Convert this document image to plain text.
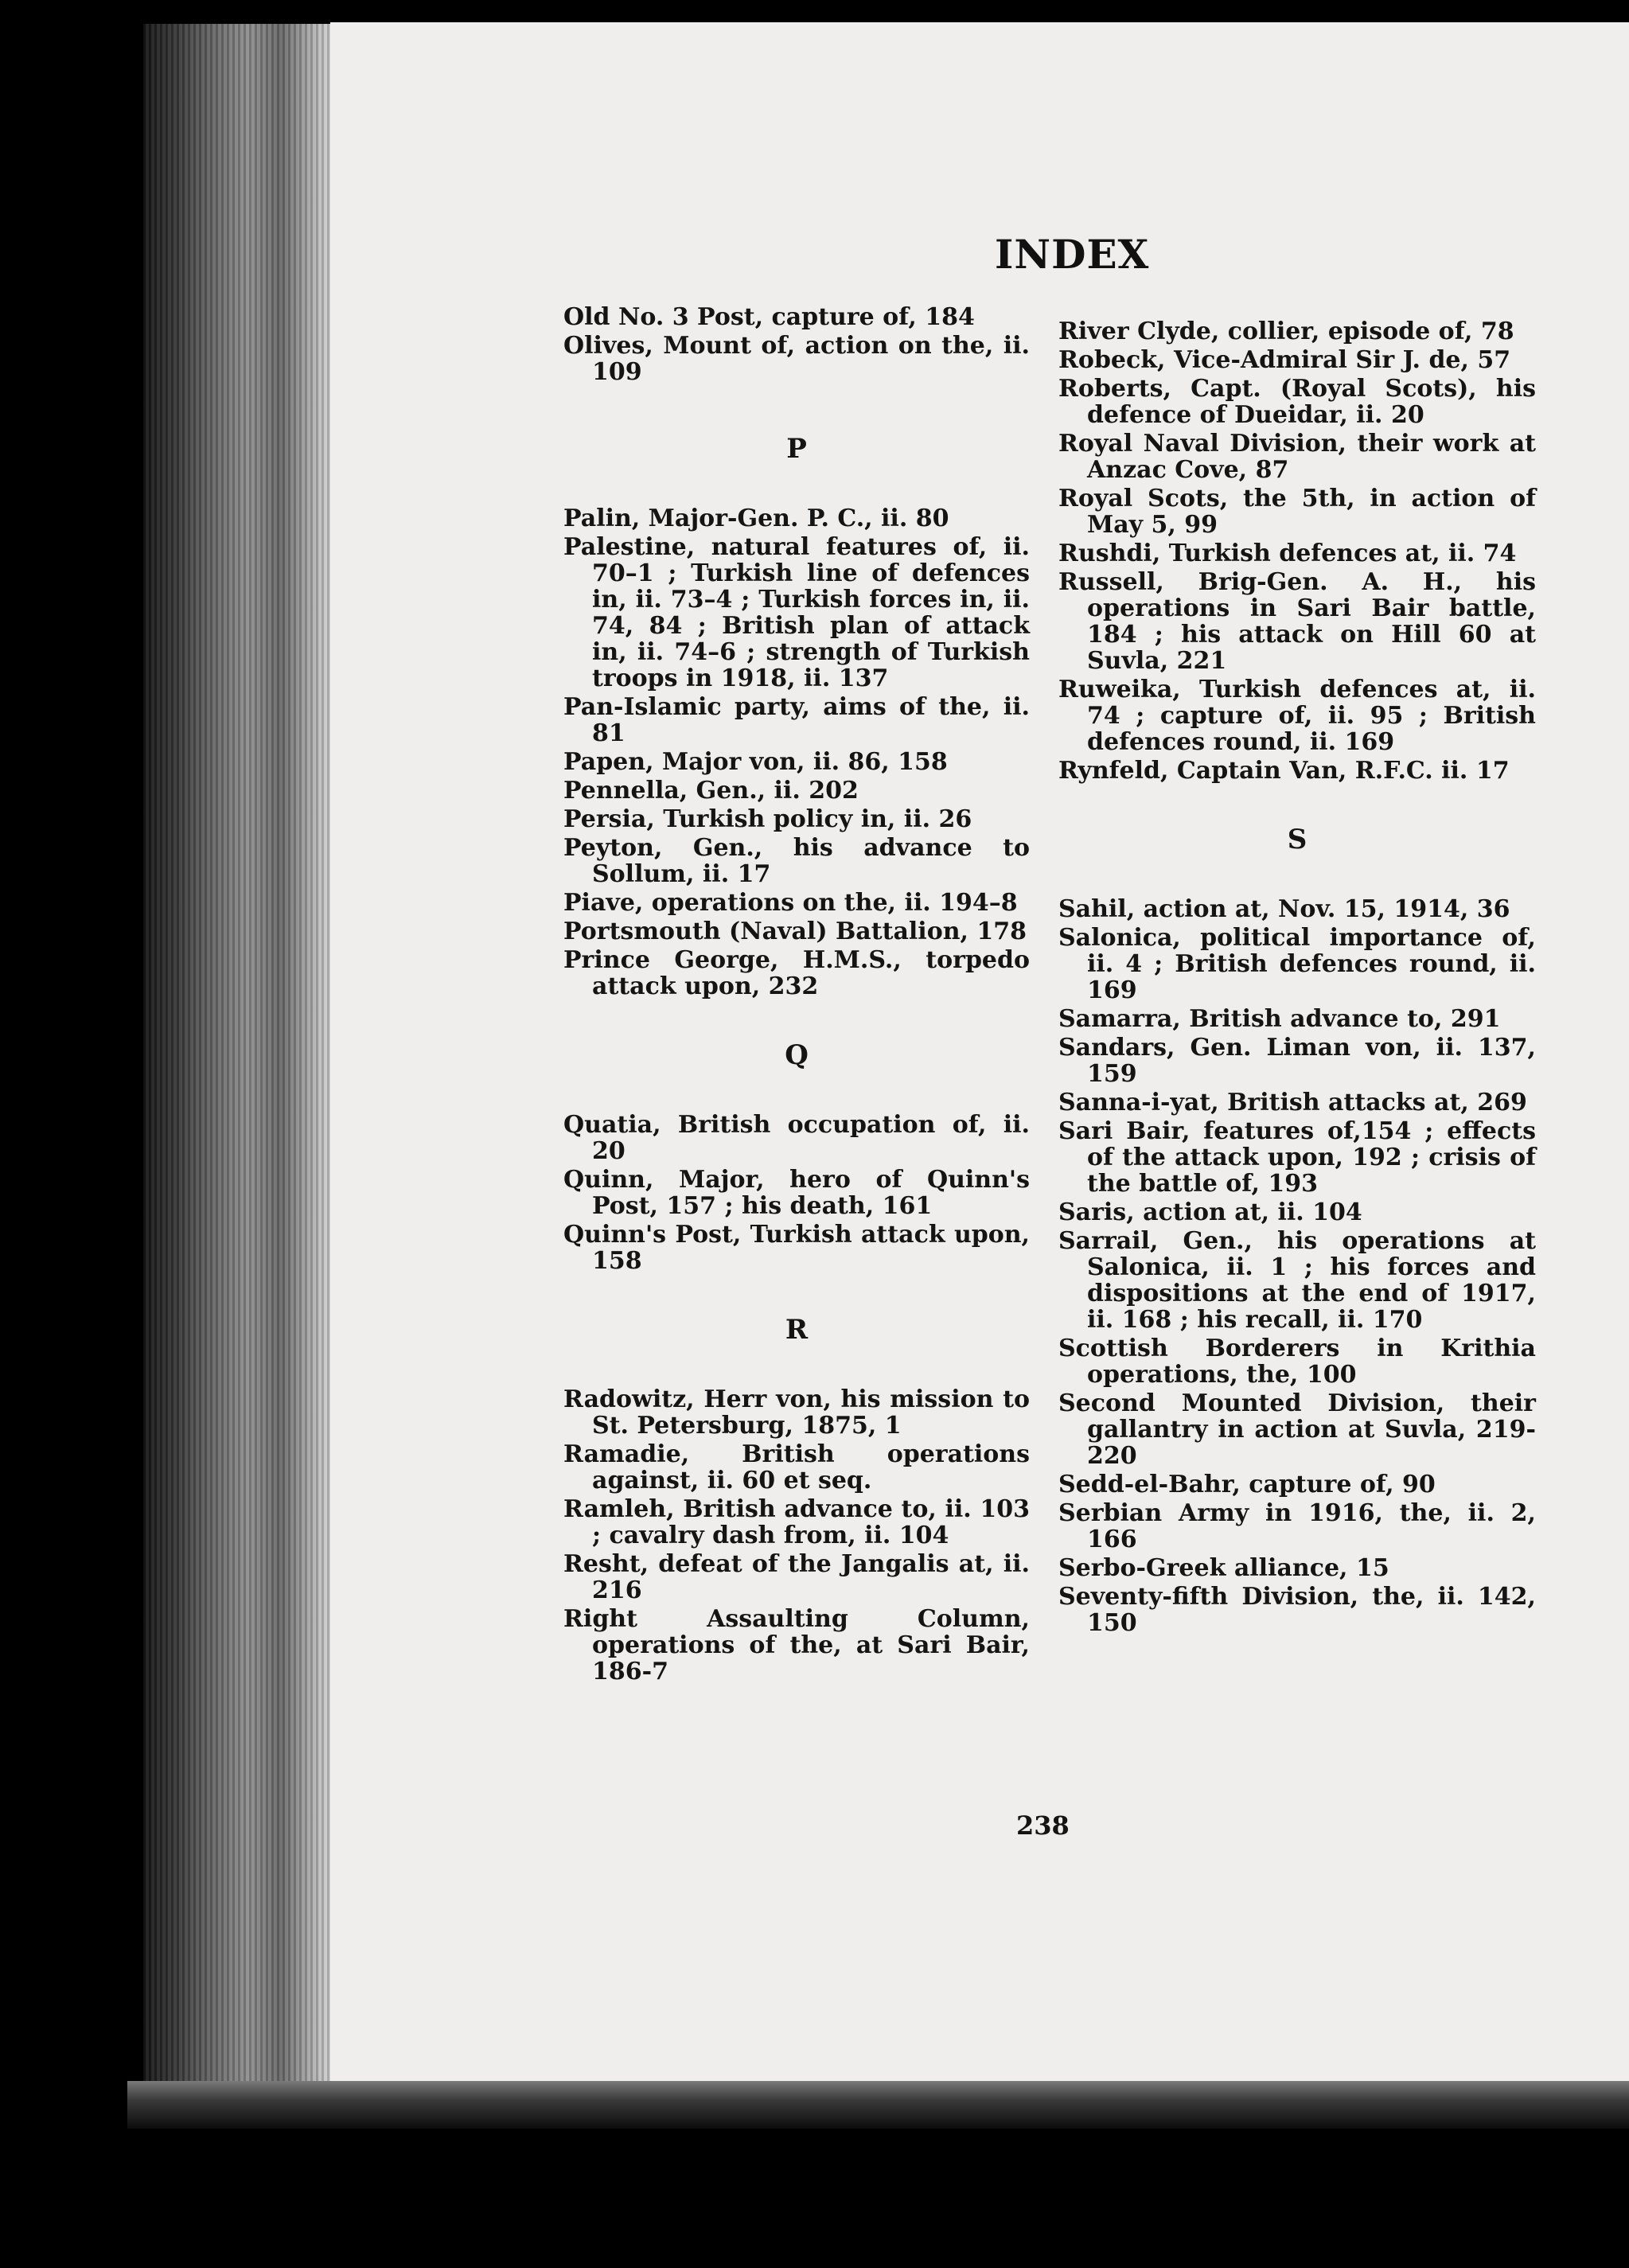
INDEX

Old No. 3 Post, capture of, 184

Olives, Mount of, action on the, ii. 109

P

Palin, Major-Gen. P. C., ii. 80

Palestine, natural features of, ii. 70–1 ; Turkish line of defences in, ii. 73–4 ; Turkish forces in, ii. 74, 84 ; British plan of attack in, ii. 74–6 ; strength of Turkish troops in 1918, ii. 137

Pan-Islamic party, aims of the, ii. 81

Papen, Major von, ii. 86, 158

Pennella, Gen., ii. 202

Persia, Turkish policy in, ii. 26

Peyton, Gen., his advance to Sollum, ii. 17

Piave, operations on the, ii. 194–8

Portsmouth (Naval) Battalion, 178

Prince George, H.M.S., torpedo attack upon, 232

Q

Quatia, British occupation of, ii. 20

Quinn, Major, hero of Quinn's Post, 157 ; his death, 161

Quinn's Post, Turkish attack upon, 158

R

Radowitz, Herr von, his mission to St. Petersburg, 1875, 1

Ramadie, British operations against, ii. 60 et seq.

Ramleh, British advance to, ii. 103 ; cavalry dash from, ii. 104

Resht, defeat of the Jangalis at, ii. 216

Right Assaulting Column, operations of the, at Sari Bair, 186-7

River Clyde, collier, episode of, 78

Robeck, Vice-Admiral Sir J. de, 57

Roberts, Capt. (Royal Scots), his defence of Dueidar, ii. 20

Royal Naval Division, their work at Anzac Cove, 87

Royal Scots, the 5th, in action of May 5, 99

Rushdi, Turkish defences at, ii. 74

Russell, Brig-Gen. A. H., his operations in Sari Bair battle, 184 ; his attack on Hill 60 at Suvla, 221

Ruweika, Turkish defences at, ii. 74 ; capture of, ii. 95 ; British defences round, ii. 169

Rynfeld, Captain Van, R.F.C. ii. 17

S

Sahil, action at, Nov. 15, 1914, 36

Salonica, political importance of, ii. 4 ; British defences round, ii. 169

Samarra, British advance to, 291

Sandars, Gen. Liman von, ii. 137, 159

Sanna-i-yat, British attacks at, 269

Sari Bair, features of,154 ; effects of the attack upon, 192 ; crisis of the battle of, 193

Saris, action at, ii. 104

Sarrail, Gen., his operations at Salonica, ii. 1 ; his forces and dispositions at the end of 1917, ii. 168 ; his recall, ii. 170

Scottish Borderers in Krithia operations, the, 100

Second Mounted Division, their gallantry in action at Suvla, 219-220

Sedd-el-Bahr, capture of, 90

Serbian Army in 1916, the, ii. 2, 166

Serbo-Greek alliance, 15

Seventy-fifth Division, the, ii. 142, 150

238
